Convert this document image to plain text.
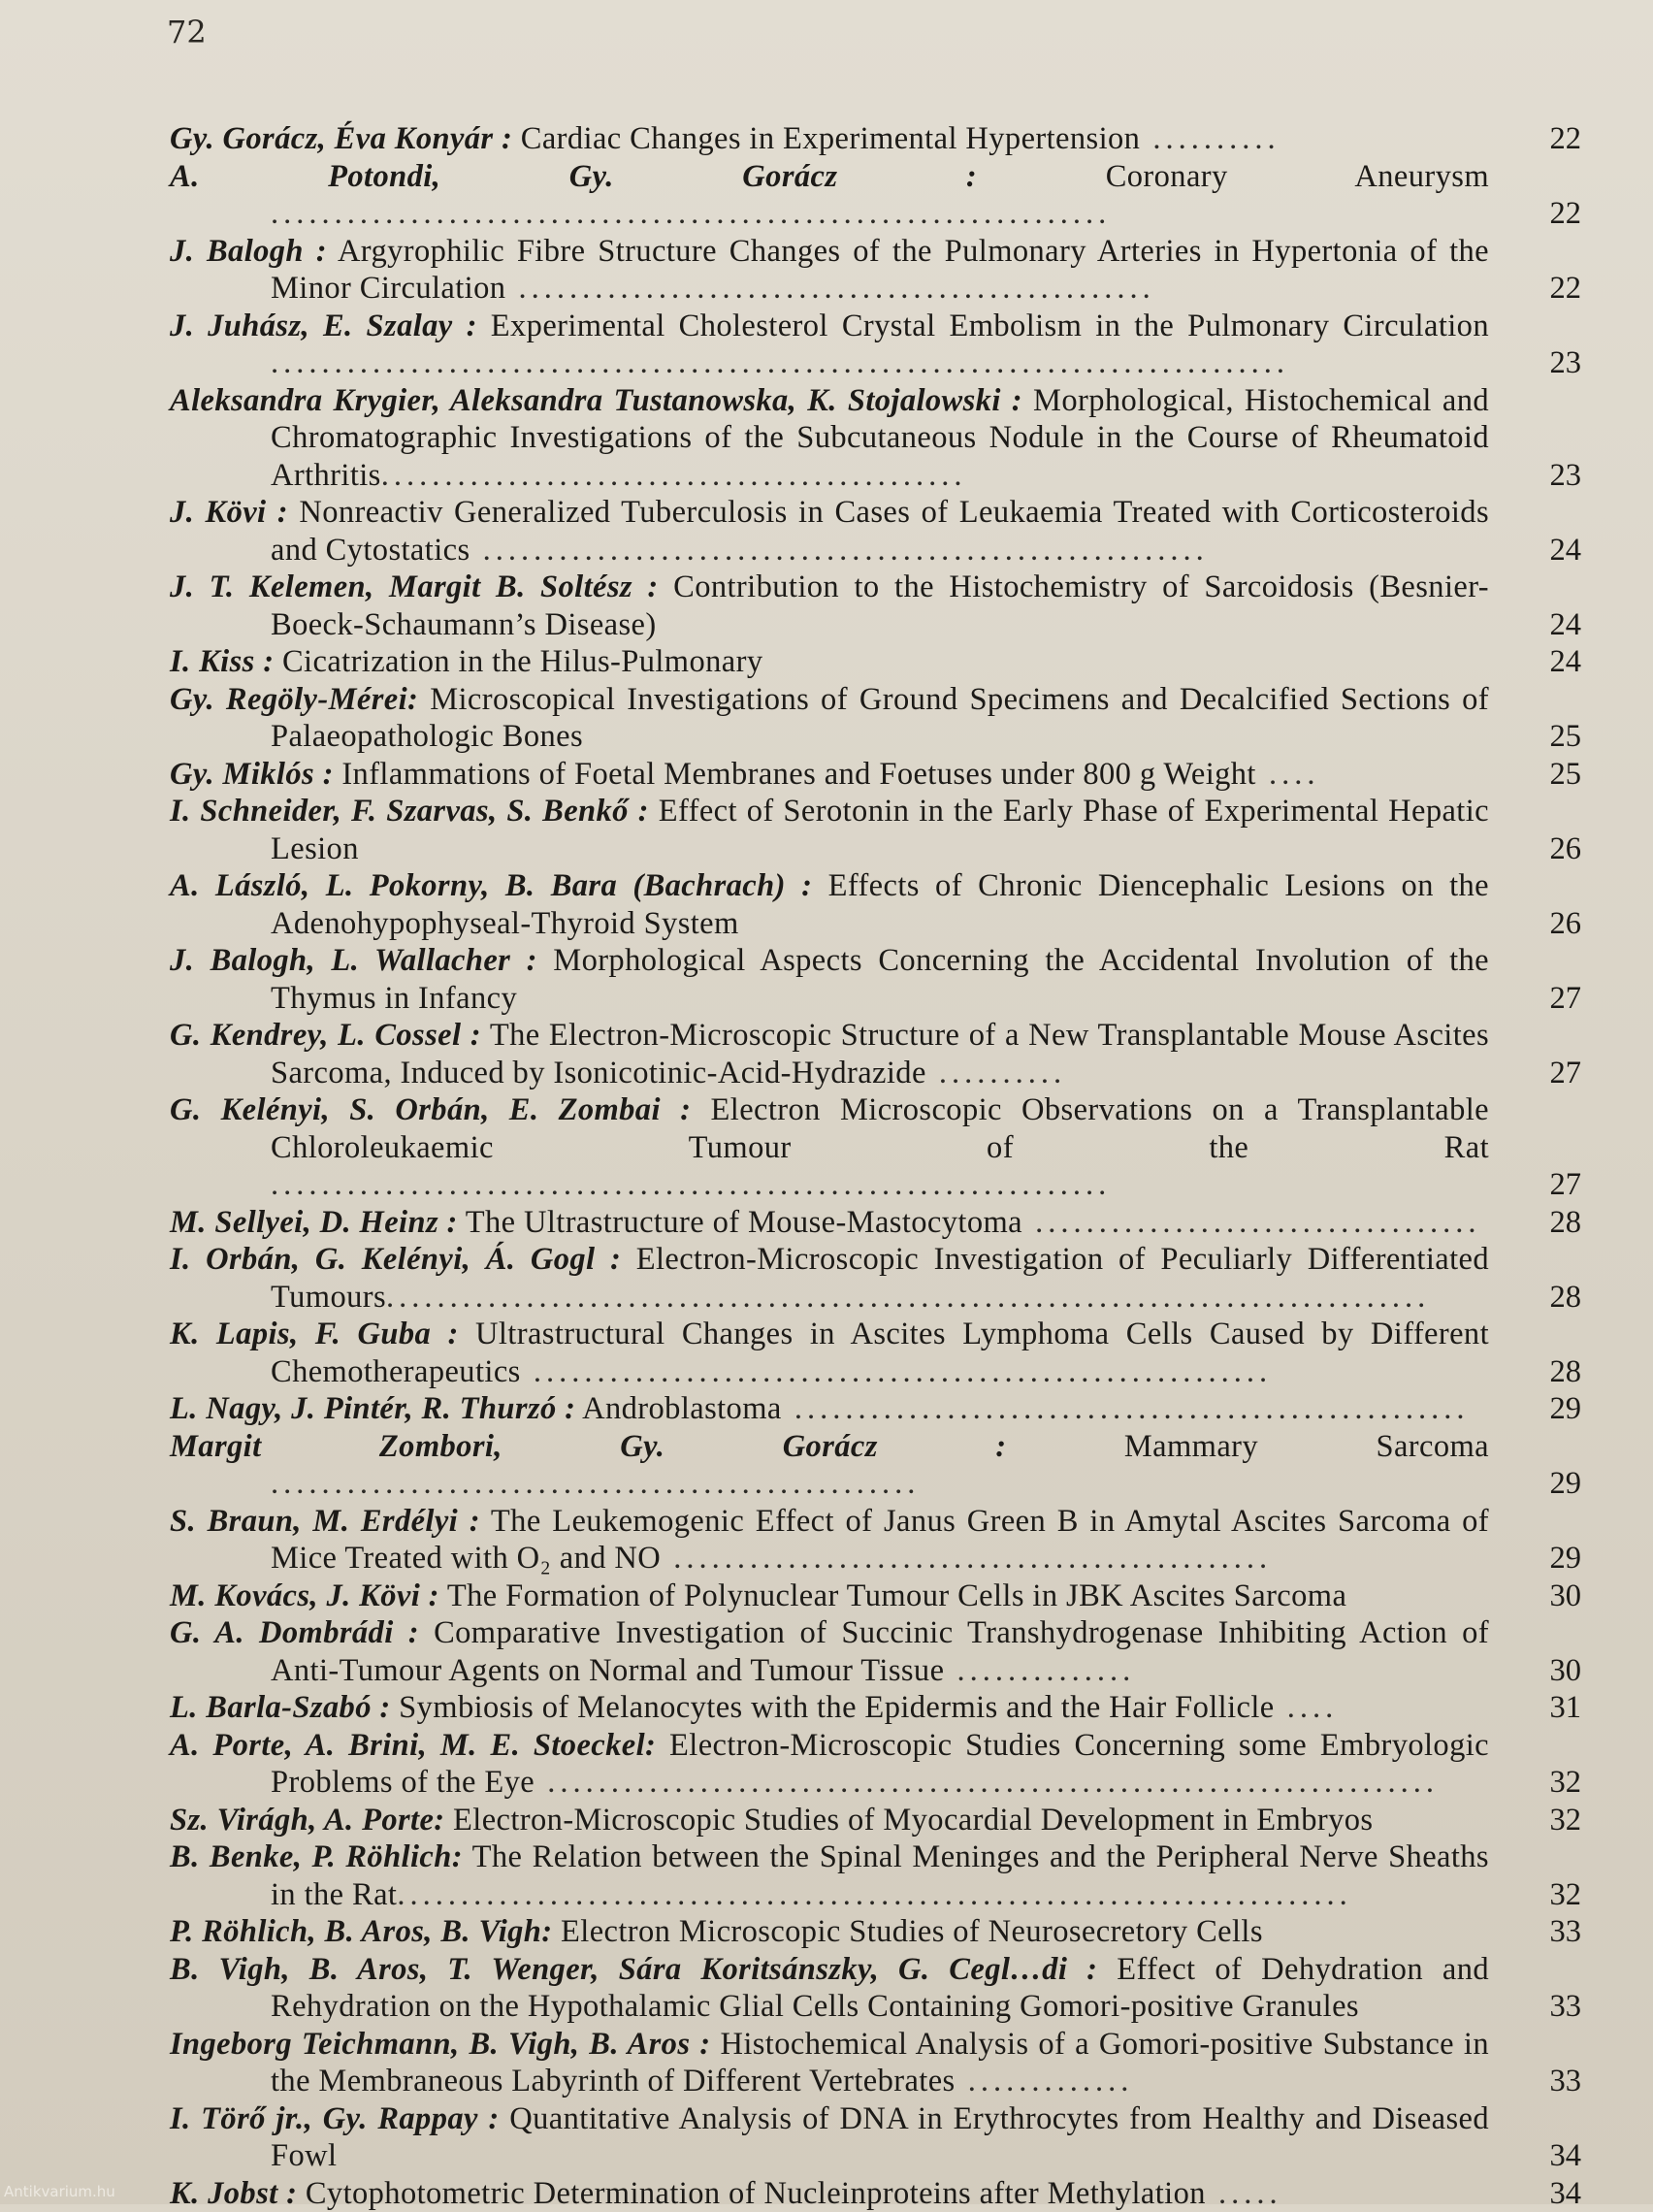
72
Gy. Gorácz, Éva Konyár : Cardiac Changes in Experimental Hypertension ..........	22
A. Potondi, Gy. Gorácz :	Coronary Aneurysm ..................................................................	22
J. Balogh : Argyrophilic Fibre Structure Changes of the Pulmonary Arteries in Hypertonia of the Minor Circulation ..................................................	22
J. Juhász, E. Szalay : Experimental Cholesterol Crystal Embolism in the Pulmonary Circulation ................................................................................	23
Aleksandra Krygier, Aleksandra Tustanowska, K. Stojalowski : Morphological, Histochemical and Chromatographic Investigations of the Subcutaneous Nodule in the Course of Rheumatoid Arthritis..............................................	23
J. Kövi : Nonreactiv Generalized Tuberculosis in Cases of Leukaemia Treated with Corticosteroids and Cytostatics .........................................................	24
J. T. Kelemen, Margit B. Soltész : Contribution to the Histochemistry of Sarcoidosis (Besnier-Boeck-Schaumann’s Disease)	24
I. Kiss : Cicatrization in the Hilus-Pulmonary	24
Gy. Regöly-Mérei: Microscopical Investigations of Ground Specimens and Decalcified Sections of Palaeopathologic Bones	25
Gy. Miklós : Inflammations of Foetal Membranes and Foetuses under 800 g Weight ....	25
I. Schneider, F. Szarvas, S. Benkő : Effect of Serotonin in the Early Phase of Experimental Hepatic Lesion	26
A. László, L. Pokorny, B. Bara (Bachrach) : Effects of Chronic Diencephalic Lesions on the Adenohypophyseal-Thyroid System	26
J. Balogh, L. Wallacher : Morphological Aspects Concerning the Accidental Involution of the Thymus in Infancy	27
G. Kendrey, L. Cossel : The Electron-Microscopic Structure of a New Transplantable Mouse Ascites Sarcoma, Induced by Isonicotinic-Acid-Hydrazide ..........	27
G. Kelényi, S. Orbán, E. Zombai : Electron Microscopic Observations on a Transplantable Chloroleukaemic Tumour of the Rat ..................................................................	27
M. Sellyei, D. Heinz : The Ultrastructure of Mouse-Mastocytoma ...................................	28
I. Orbán, G. Kelényi, Á. Gogl : Electron-Microscopic Investigation of Peculiarly Differentiated Tumours..................................................................................	28
K. Lapis, F. Guba : Ultrastructural Changes in Ascites Lymphoma Cells Caused by Different Chemotherapeutics ..........................................................	28
L. Nagy, J. Pintér, R. Thurzó : Androblastoma .....................................................	29
Margit Zombori, Gy. Gorácz :	Mammary Sarcoma ...................................................	29
S. Braun, M. Erdélyi : The Leukemogenic Effect of Janus Green B in Amytal Ascites Sarcoma of Mice Treated with O₂ and NO ...............................................	29
M. Kovács, J. Kövi : The Formation of Polynuclear Tumour Cells in JBK Ascites Sarcoma	30
G. A. Dombrádi : Comparative Investigation of Succinic Transhydrogenase Inhibiting Action of Anti-Tumour Agents on Normal and Tumour Tissue ..............	30
L. Barla-Szabó : Symbiosis of Melanocytes with the Epidermis and the Hair Follicle ....	31
A. Porte, A. Brini, M. E. Stoeckel: Electron-Microscopic Studies Concerning some Embryologic Problems of the Eye ......................................................................	32
Sz. Virágh, A. Porte: Electron-Microscopic Studies of Myocardial Development in Embryos	32
B. Benke, P. Röhlich: The Relation between the Spinal Meninges and the Peripheral Nerve Sheaths in the Rat...........................................................................	32
P. Röhlich, B. Aros, B. Vigh: Electron Microscopic Studies of Neurosecretory Cells	33
B. Vigh, B. Aros, T. Wenger, Sára Koritsánszky, G. Cegl…di : Effect of Dehydration and Rehydration on the Hypothalamic Glial Cells Containing Gomori-positive Granules	33
Ingeborg Teichmann, B. Vigh, B. Aros : Histochemical Analysis of a Gomori-positive Substance in the Membraneous Labyrinth of Different Vertebrates .............	33
I. Törő jr., Gy. Rappay : Quantitative Analysis of DNA in Erythrocytes from Healthy and Diseased Fowl	34
K. Jobst : Cytophotometric Determination of Nucleinproteins after Methylation .....	34
Antikvarium.hu
